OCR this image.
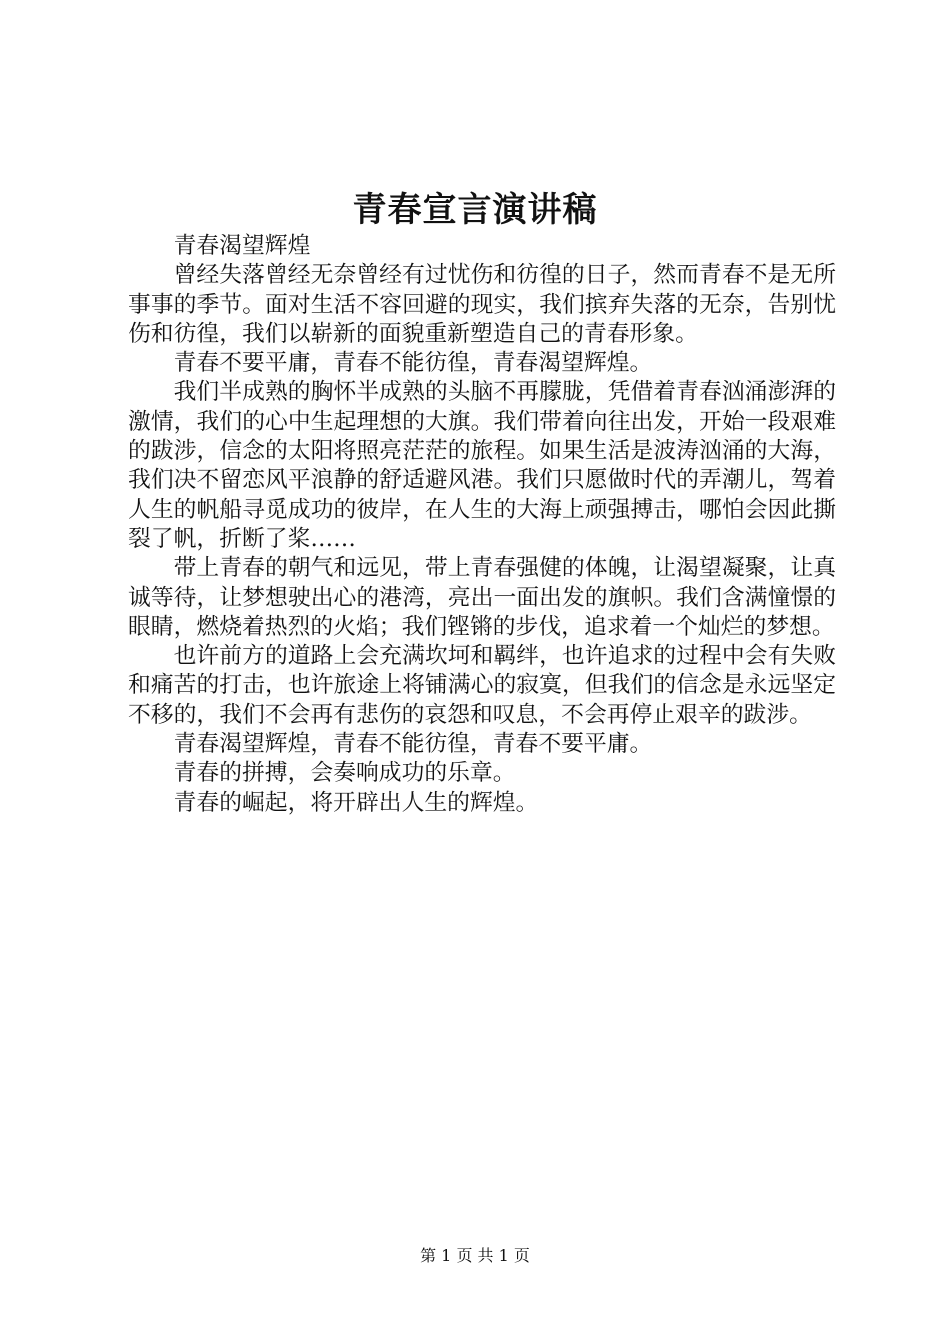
青春宣言演讲稿

青春渴望辉煌

曾经失落曾经无奈曾经有过忧伤和彷徨的日子，然而青春不是无所事事的季节。面对生活不容回避的现实，我们摈弃失落的无奈，告别忧伤和彷徨，我们以崭新的面貌重新塑造自己的青春形象。

青春不要平庸，青春不能彷徨，青春渴望辉煌。

我们半成熟的胸怀半成熟的头脑不再朦胧，凭借着青春汹涌澎湃的激情，我们的心中生起理想的大旗。我们带着向往出发，开始一段艰难的跋涉，信念的太阳将照亮茫茫的旅程。如果生活是波涛汹涌的大海，我们决不留恋风平浪静的舒适避风港。我们只愿做时代的弄潮儿，驾着人生的帆船寻觅成功的彼岸，在人生的大海上顽强搏击，哪怕会因此撕裂了帆，折断了桨……

带上青春的朝气和远见，带上青春强健的体魄，让渴望凝聚，让真诚等待，让梦想驶出心的港湾，亮出一面出发的旗帜。我们含满憧憬的眼睛，燃烧着热烈的火焰；我们铿锵的步伐，追求着一个灿烂的梦想。

也许前方的道路上会充满坎坷和羁绊，也许追求的过程中会有失败和痛苦的打击，也许旅途上将铺满心的寂寞，但我们的信念是永远坚定不移的，我们不会再有悲伤的哀怨和叹息，不会再停止艰辛的跋涉。

青春渴望辉煌，青春不能彷徨，青春不要平庸。

青春的拼搏，会奏响成功的乐章。

青春的崛起，将开辟出人生的辉煌。

第 1 页 共 1 页
